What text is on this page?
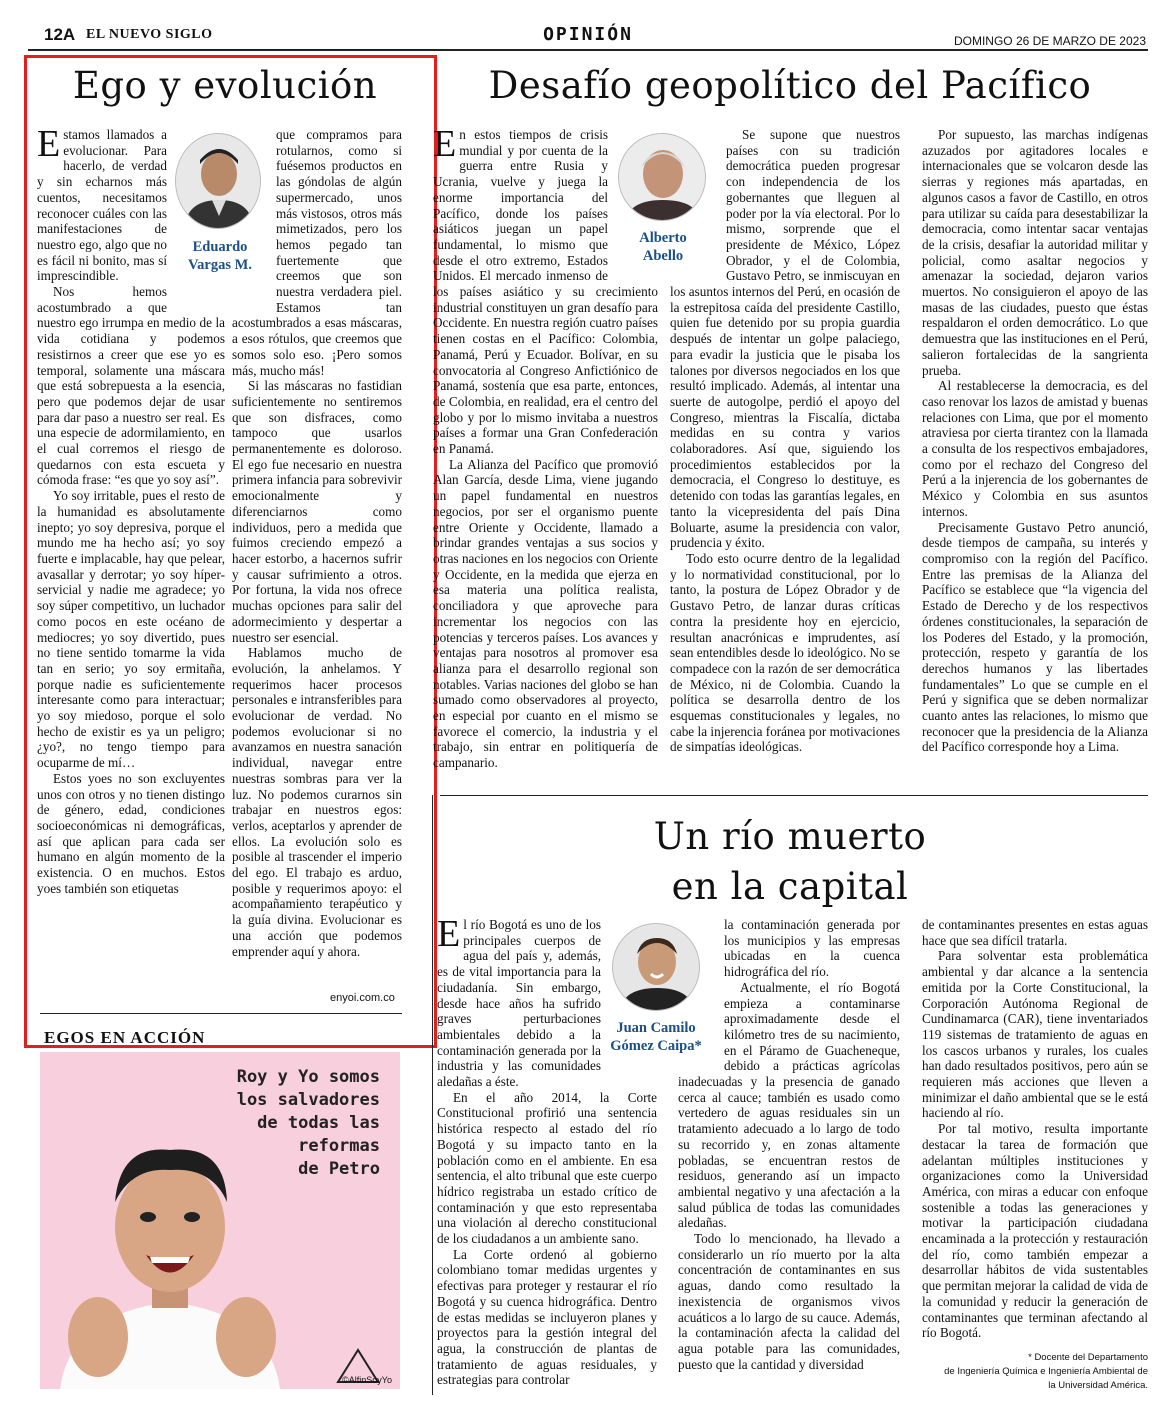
12A EL NUEVO SIGLO	OPINIÓN	DOMINGO 26 DE MARZO DE 2023
Ego y evolución
Eduardo
Vargas M.
E stamos llamados a evolucionar. Para hacerlo, de verdad y sin echarnos más cuentos, necesitamos reconocer cuáles con las manifestaciones de nuestro ego, algo que no es fácil ni bonito, mas sí imprescindible.

Nos hemos acostumbrado a que nuestro ego irrumpa en medio de la vida cotidiana y podemos resistirnos a creer que ese yo es temporal, solamente una máscara que está sobrepuesta a la esencia, pero que podemos dejar de usar para dar paso a nuestro ser real. Es una especie de adormilamiento, en el cual corremos el riesgo de quedarnos con esta escueta y cómoda frase: “es que yo soy así”.

Yo soy irritable, pues el resto de la humanidad es absolutamente inepto; yo soy depresiva, porque el mundo me ha hecho así; yo soy fuerte e implacable, hay que pelear, avasallar y derrotar; yo soy híper-servicial y nadie me agradece; yo soy súper competitivo, un luchador como pocos en este océano de mediocres; yo soy divertido, pues no tiene sentido tomarme la vida tan en serio; yo soy ermitaña, porque nadie es suficientemente interesante como para interactuar; yo soy miedoso, porque el solo hecho de existir es ya un peligro; ¿yo?, no tengo tiempo para ocuparme de mí…

Estos yoes no son excluyentes unos con otros y no tienen distingo de género, edad, condiciones socioeconómicas ni demográficas, así que aplican para cada ser humano en algún momento de la existencia. O en muchos. Estos yoes también son etiquetas

que compramos para rotularnos, como si fuésemos productos en las góndolas de algún supermercado, unos más vistosos, otros más mimetizados, pero los hemos pegado tan fuertemente que creemos que son nuestra verdadera piel. Estamos tan acostumbrados a esas máscaras, a esos rótulos, que creemos que somos solo eso. ¡Pero somos más, mucho más!

Si las máscaras no fastidian suficientemente no sentiremos que son disfraces, como tampoco que usarlos permanentemente es doloroso. El ego fue necesario en nuestra primera infancia para sobrevivir emocionalmente y diferenciarnos como individuos, pero a medida que fuimos creciendo empezó a hacer estorbo, a hacernos sufrir y causar sufrimiento a otros. Por fortuna, la vida nos ofrece muchas opciones para salir del adormecimiento y despertar a nuestro ser esencial.

Hablamos mucho de evolución, la anhelamos. Y requerimos hacer procesos personales e intransferibles para evolucionar de verdad. No podemos evolucionar si no avanzamos en nuestra sanación individual, navegar entre nuestras sombras para ver la luz. No podemos curarnos sin trabajar en nuestros egos: verlos, aceptarlos y aprender de ellos. La evolución solo es posible al trascender el imperio del ego. El trabajo es arduo, posible y requerimos apoyo: el acompañamiento terapéutico y la guía divina. Evolucionar es una acción que podemos emprender aquí y ahora.

enyoi.com.co
EGOS EN ACCIÓN
Roy y Yo somos
los salvadores
de todas las
reformas
de Petro
©AlfinSoyYo
Desafío geopolítico del Pacífico
Alberto
Abello
E n estos tiempos de crisis mundial y por cuenta de la guerra entre Rusia y Ucrania, vuelve y juega la enorme importancia del Pacífico, donde los países asiáticos juegan un papel fundamental, lo mismo que desde el otro extremo, Estados Unidos. El mercado inmenso de los países asiático y su crecimiento industrial constituyen un gran desafío para Occidente. En nuestra región cuatro países tienen costas en el Pacífico: Colombia, Panamá, Perú y Ecuador. Bolívar, en su convocatoria al Congreso Anfictiónico de Panamá, sostenía que esa parte, entonces, de Colombia, en realidad, era el centro del globo y por lo mismo invitaba a nuestros países a formar una Gran Confederación en Panamá.

La Alianza del Pacífico que promovió Alan García, desde Lima, viene jugando un papel fundamental en nuestros negocios, por ser el organismo puente entre Oriente y Occidente, llamado a brindar grandes ventajas a sus socios y otras naciones en los negocios con Oriente y Occidente, en la medida que ejerza en esa materia una política realista, conciliadora y que aproveche para incrementar los negocios con las potencias y terceros países. Los avances y ventajas para nosotros al promover esa alianza para el desarrollo regional son notables. Varias naciones del globo se han sumado como observadores al proyecto, en especial por cuanto en el mismo se favorece el comercio, la industria y el trabajo, sin entrar en politiquería de campanario.

Se supone que nuestros países con su tradición democrática pueden progresar con independencia de los gobernantes que lleguen al poder por la vía electoral. Por lo mismo, sorprende que el presidente de México, López Obrador, y el de Colombia, Gustavo Petro, se inmiscuyan en los asuntos internos del Perú, en ocasión de la estrepitosa caída del presidente Castillo, quien fue detenido por su propia guardia después de intentar un golpe palaciego, para evadir la justicia que le pisaba los talones por diversos negociados en los que resultó implicado. Además, al intentar una suerte de autogolpe, perdió el apoyo del Congreso, mientras la Fiscalía, dictaba medidas en su contra y varios colaboradores. Así que, siguiendo los procedimientos establecidos por la democracia, el Congreso lo destituye, es detenido con todas las garantías legales, en tanto la vicepresidenta del país Dina Boluarte, asume la presidencia con valor, prudencia y éxito.

Todo esto ocurre dentro de la legalidad y lo normatividad constitucional, por lo tanto, la postura de López Obrador y de Gustavo Petro, de lanzar duras críticas contra la presidente hoy en ejercicio, resultan anacrónicas e imprudentes, así sean entendibles desde lo ideológico. No se compadece con la razón de ser democrática de México, ni de Colombia. Cuando la política se desarrolla dentro de los esquemas constitucionales y legales, no cabe la injerencia foránea por motivaciones de simpatías ideológicas.

Por supuesto, las marchas indígenas azuzados por agitadores locales e internacionales que se volcaron desde las sierras y regiones más apartadas, en algunos casos a favor de Castillo, en otros para utilizar su caída para desestabilizar la democracia, como intentar sacar ventajas de la crisis, desafiar la autoridad militar y policial, como asaltar negocios y amenazar la sociedad, dejaron varios muertos. No consiguieron el apoyo de las masas de las ciudades, puesto que éstas respaldaron el orden democrático. Lo que demuestra que las instituciones en el Perú, salieron fortalecidas de la sangrienta prueba.

Al restablecerse la democracia, es del caso renovar los lazos de amistad y buenas relaciones con Lima, que por el momento atraviesa por cierta tirantez con la llamada a consulta de los respectivos embajadores, como por el rechazo del Congreso del Perú a la injerencia de los gobernantes de México y Colombia en sus asuntos internos.

Precisamente Gustavo Petro anunció, desde tiempos de campaña, su interés y compromiso con la región del Pacífico. Entre las premisas de la Alianza del Pacífico se establece que “la vigencia del Estado de Derecho y de los respectivos órdenes constitucionales, la separación de los Poderes del Estado, y la promoción, protección, respeto y garantía de los derechos humanos y las libertades fundamentales” Lo que se cumple en el Perú y significa que se deben normalizar cuanto antes las relaciones, lo mismo que reconocer que la presidencia de la Alianza del Pacífico corresponde hoy a Lima.

Un río muerto
en la capital
Juan Camilo
Gómez Caipa*
E l río Bogotá es uno de los principales cuerpos de agua del país y, además, es de vital importancia para la ciudadanía. Sin embargo, desde hace años ha sufrido graves perturbaciones ambientales debido a la contaminación generada por la industria y las comunidades aledañas a éste.

En el año 2014, la Corte Constitucional profirió una sentencia histórica respecto al estado del río Bogotá y su impacto tanto en la población como en el ambiente. En esa sentencia, el alto tribunal que este cuerpo hídrico registraba un estado crítico de contaminación y que esto representaba una violación al derecho constitucional de los ciudadanos a un ambiente sano.

La Corte ordenó al gobierno colombiano tomar medidas urgentes y efectivas para proteger y restaurar el río Bogotá y su cuenca hidrográfica. Dentro de estas medidas se incluyeron planes y proyectos para la gestión integral del agua, la construcción de plantas de tratamiento de aguas residuales, y estrategias para controlar

la contaminación generada por los municipios y las empresas ubicadas en la cuenca hidrográfica del río.

Actualmente, el río Bogotá empieza a contaminarse aproximadamente desde el kilómetro tres de su nacimiento, en el Páramo de Guacheneque, debido a prácticas agrícolas inadecuadas y la presencia de ganado cerca al cauce; también es usado como vertedero de aguas residuales sin un tratamiento adecuado a lo largo de todo su recorrido y, en zonas altamente pobladas, se encuentran restos de residuos, generando así un impacto ambiental negativo y una afectación a la salud pública de todas las comunidades aledañas.

Todo lo mencionado, ha llevado a considerarlo un río muerto por la alta concentración de contaminantes en sus aguas, dando como resultado la inexistencia de organismos vivos acuáticos a lo largo de su cauce. Además, la contaminación afecta la calidad del agua potable para las comunidades, puesto que la cantidad y diversidad

de contaminantes presentes en estas aguas hace que sea difícil tratarla.

Para solventar esta problemática ambiental y dar alcance a la sentencia emitida por la Corte Constitucional, la Corporación Autónoma Regional de Cundinamarca (CAR), tiene inventariados 119 sistemas de tratamiento de aguas en los cascos urbanos y rurales, los cuales han dado resultados positivos, pero aún se requieren más acciones que lleven a minimizar el daño ambiental que se le está haciendo al río.

Por tal motivo, resulta importante destacar la tarea de formación que adelantan múltiples instituciones y organizaciones como la Universidad América, con miras a educar con enfoque sostenible a todas las generaciones y motivar la participación ciudadana encaminada a la protección y restauración del río, como también empezar a desarrollar hábitos de vida sustentables que permitan mejorar la calidad de vida de la comunidad y reducir la generación de contaminantes que terminan afectando al río Bogotá.

* Docente del Departamento
de Ingeniería Química e Ingeniería Ambiental de
la Universidad América.
